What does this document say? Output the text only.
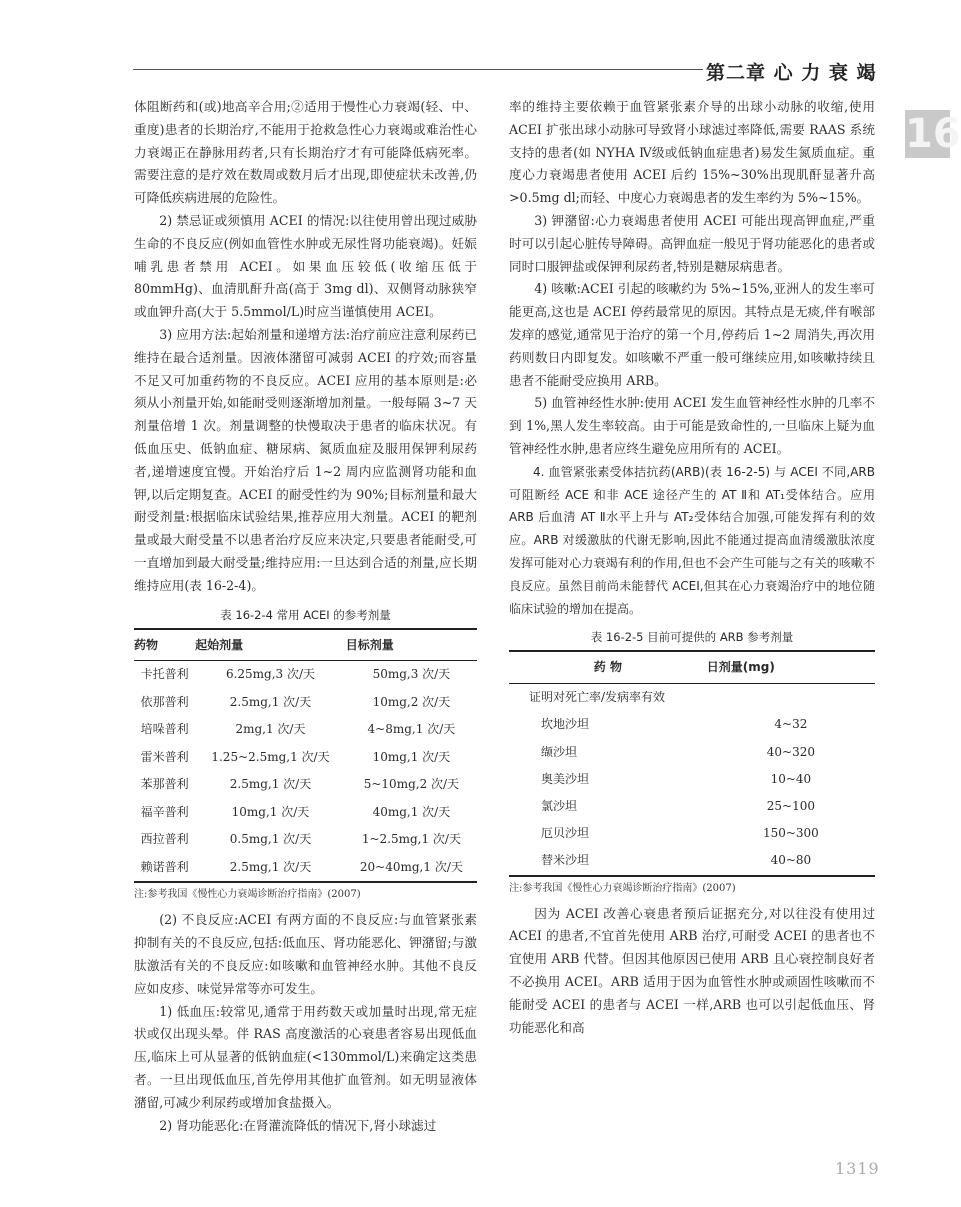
第二章 心 力 衰 竭
16

体阻断药和(或)地高辛合用;②适用于慢性心力衰竭(轻、中、重度)患者的长期治疗,不能用于抢救急性心力衰竭或难治性心力衰竭正在静脉用药者,只有长期治疗才有可能降低病死率。需要注意的是疗效在数周或数月后才出现,即使症状未改善,仍可降低疾病进展的危险性。

2) 禁忌证或须慎用 ACEI 的情况:以往使用曾出现过威胁生命的不良反应(例如血管性水肿或无尿性肾功能衰竭)。妊娠哺乳患者禁用 ACEI。如果血压较低(收缩压低于 80mmHg)、血清肌酐升高(高于 3mg dl)、双侧肾动脉狭窄或血钾升高(大于 5.5mmol/L)时应当谨慎使用 ACEI。

3) 应用方法:起始剂量和递增方法:治疗前应注意利尿药已维持在最合适剂量。因液体潴留可减弱 ACEI 的疗效;而容量不足又可加重药物的不良反应。ACEI 应用的基本原则是:必须从小剂量开始,如能耐受则逐渐增加剂量。一般每隔 3~7 天剂量倍增 1 次。剂量调整的快慢取决于患者的临床状况。有低血压史、低钠血症、糖尿病、氮质血症及服用保钾利尿药者,递增速度宜慢。开始治疗后 1~2 周内应监测肾功能和血钾,以后定期复查。ACEI 的耐受性约为 90%;目标剂量和最大耐受剂量:根据临床试验结果,推荐应用大剂量。ACEI 的靶剂量或最大耐受量不以患者治疗反应来决定,只要患者能耐受,可一直增加到最大耐受量;维持应用:一旦达到合适的剂量,应长期维持应用(表 16-2-4)。

表 16-2-4 常用 ACEI 的参考剂量
药物	起始剂量	目标剂量
卡托普利	6.25mg,3 次/天	50mg,3 次/天
依那普利	2.5mg,1 次/天	10mg,2 次/天
培哚普利	2mg,1 次/天	4~8mg,1 次/天
雷米普利	1.25~2.5mg,1 次/天	10mg,1 次/天
苯那普利	2.5mg,1 次/天	5~10mg,2 次/天
福辛普利	10mg,1 次/天	40mg,1 次/天
西拉普利	0.5mg,1 次/天	1~2.5mg,1 次/天
赖诺普利	2.5mg,1 次/天	20~40mg,1 次/天
注:参考我国《慢性心力衰竭诊断治疗指南》(2007)

(2) 不良反应:ACEI 有两方面的不良反应:与血管紧张素抑制有关的不良反应,包括:低血压、肾功能恶化、钾潴留;与激肽激活有关的不良反应:如咳嗽和血管神经水肿。其他不良反应如皮疹、味觉异常等亦可发生。

1) 低血压:较常见,通常于用药数天或加量时出现,常无症状或仅出现头晕。伴 RAS 高度激活的心衰患者容易出现低血压,临床上可从显著的低钠血症(<130mmol/L)来确定这类患者。一旦出现低血压,首先停用其他扩血管剂。如无明显液体潴留,可减少利尿药或增加食盐摄入。

2) 肾功能恶化:在肾灌流降低的情况下,肾小球滤过

率的维持主要依赖于血管紧张素介导的出球小动脉的收缩,使用 ACEI 扩张出球小动脉可导致肾小球滤过率降低,需要 RAAS 系统支持的患者(如 NYHA Ⅳ级或低钠血症患者)易发生氮质血症。重度心力衰竭患者使用 ACEI 后约 15%~30%出现肌酐显著升高>0.5mg dl;而轻、中度心力衰竭患者的发生率约为 5%~15%。

3) 钾潴留:心力衰竭患者使用 ACEI 可能出现高钾血症,严重时可以引起心脏传导障碍。高钾血症一般见于肾功能恶化的患者或同时口服钾盐或保钾利尿药者,特别是糖尿病患者。

4) 咳嗽:ACEI 引起的咳嗽约为 5%~15%,亚洲人的发生率可能更高,这也是 ACEI 停药最常见的原因。其特点是无痰,伴有喉部发痒的感觉,通常见于治疗的第一个月,停药后 1~2 周消失,再次用药则数日内即复发。如咳嗽不严重一般可继续应用,如咳嗽持续且患者不能耐受应换用 ARB。

5) 血管神经性水肿:使用 ACEI 发生血管神经性水肿的几率不到 1%,黑人发生率较高。由于可能是致命性的,一旦临床上疑为血管神经性水肿,患者应终生避免应用所有的 ACEI。

4. 血管紧张素受体拮抗药(ARB)(表 16-2-5) 与 ACEI 不同,ARB 可阻断经 ACE 和非 ACE 途径产生的 AT Ⅱ和 AT₁受体结合。应用 ARB 后血清 AT Ⅱ水平上升与 AT₂受体结合加强,可能发挥有利的效应。ARB 对缓激肽的代谢无影响,因此不能通过提高血清缓激肽浓度发挥可能对心力衰竭有利的作用,但也不会产生可能与之有关的咳嗽不良反应。虽然目前尚未能替代 ACEI,但其在心力衰竭治疗中的地位随临床试验的增加在提高。

表 16-2-5 目前可提供的 ARB 参考剂量
药 物	日剂量(mg)
证明对死亡率/发病率有效	
坎地沙坦	4~32
缬沙坦	40~320
奥美沙坦	10~40
氯沙坦	25~100
厄贝沙坦	150~300
替米沙坦	40~80
注:参考我国《慢性心力衰竭诊断治疗指南》(2007)

因为 ACEI 改善心衰患者预后证据充分,对以往没有使用过 ACEI 的患者,不宜首先使用 ARB 治疗,可耐受 ACEI 的患者也不宜使用 ARB 代替。但因其他原因已使用 ARB 且心衰控制良好者不必换用 ACEI。ARB 适用于因为血管性水肿或顽固性咳嗽而不能耐受 ACEI 的患者与 ACEI 一样,ARB 也可以引起低血压、肾功能恶化和高

1319
